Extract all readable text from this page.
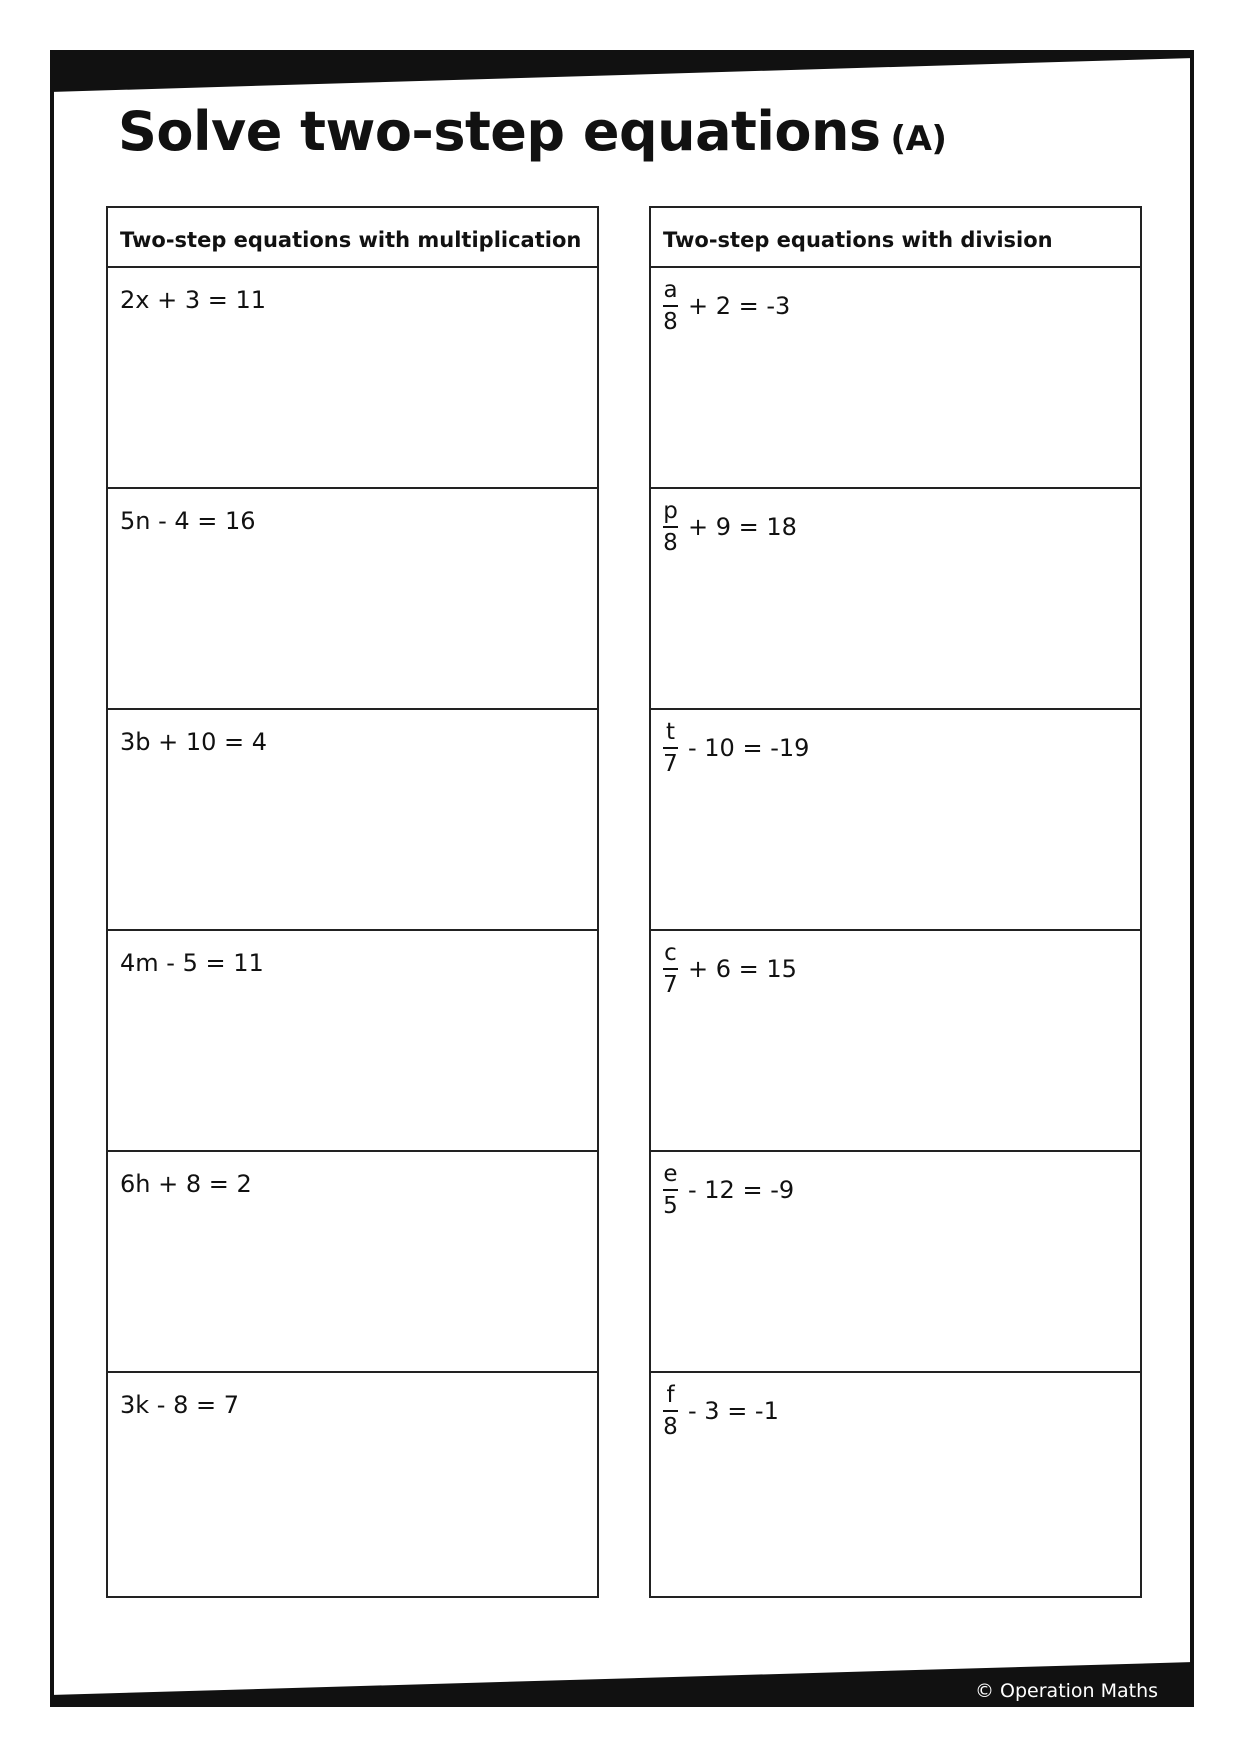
Solve two-step equations (A)
Two-step equations with multiplication
2x + 3 = 11
5n - 4 = 16
3b + 10 = 4
4m - 5 = 11
6h + 8 = 2
3k - 8 = 7
Two-step equations with division
$\frac{a}{8} + 2 = -3$
$\frac{p}{8} + 9 = 18$
$\frac{t}{7} - 10 = -19$
$\frac{c}{7} + 6 = 15$
$\frac{e}{5} - 12 = -9$
$\frac{f}{8} - 3 = -1$
© Operation Maths
